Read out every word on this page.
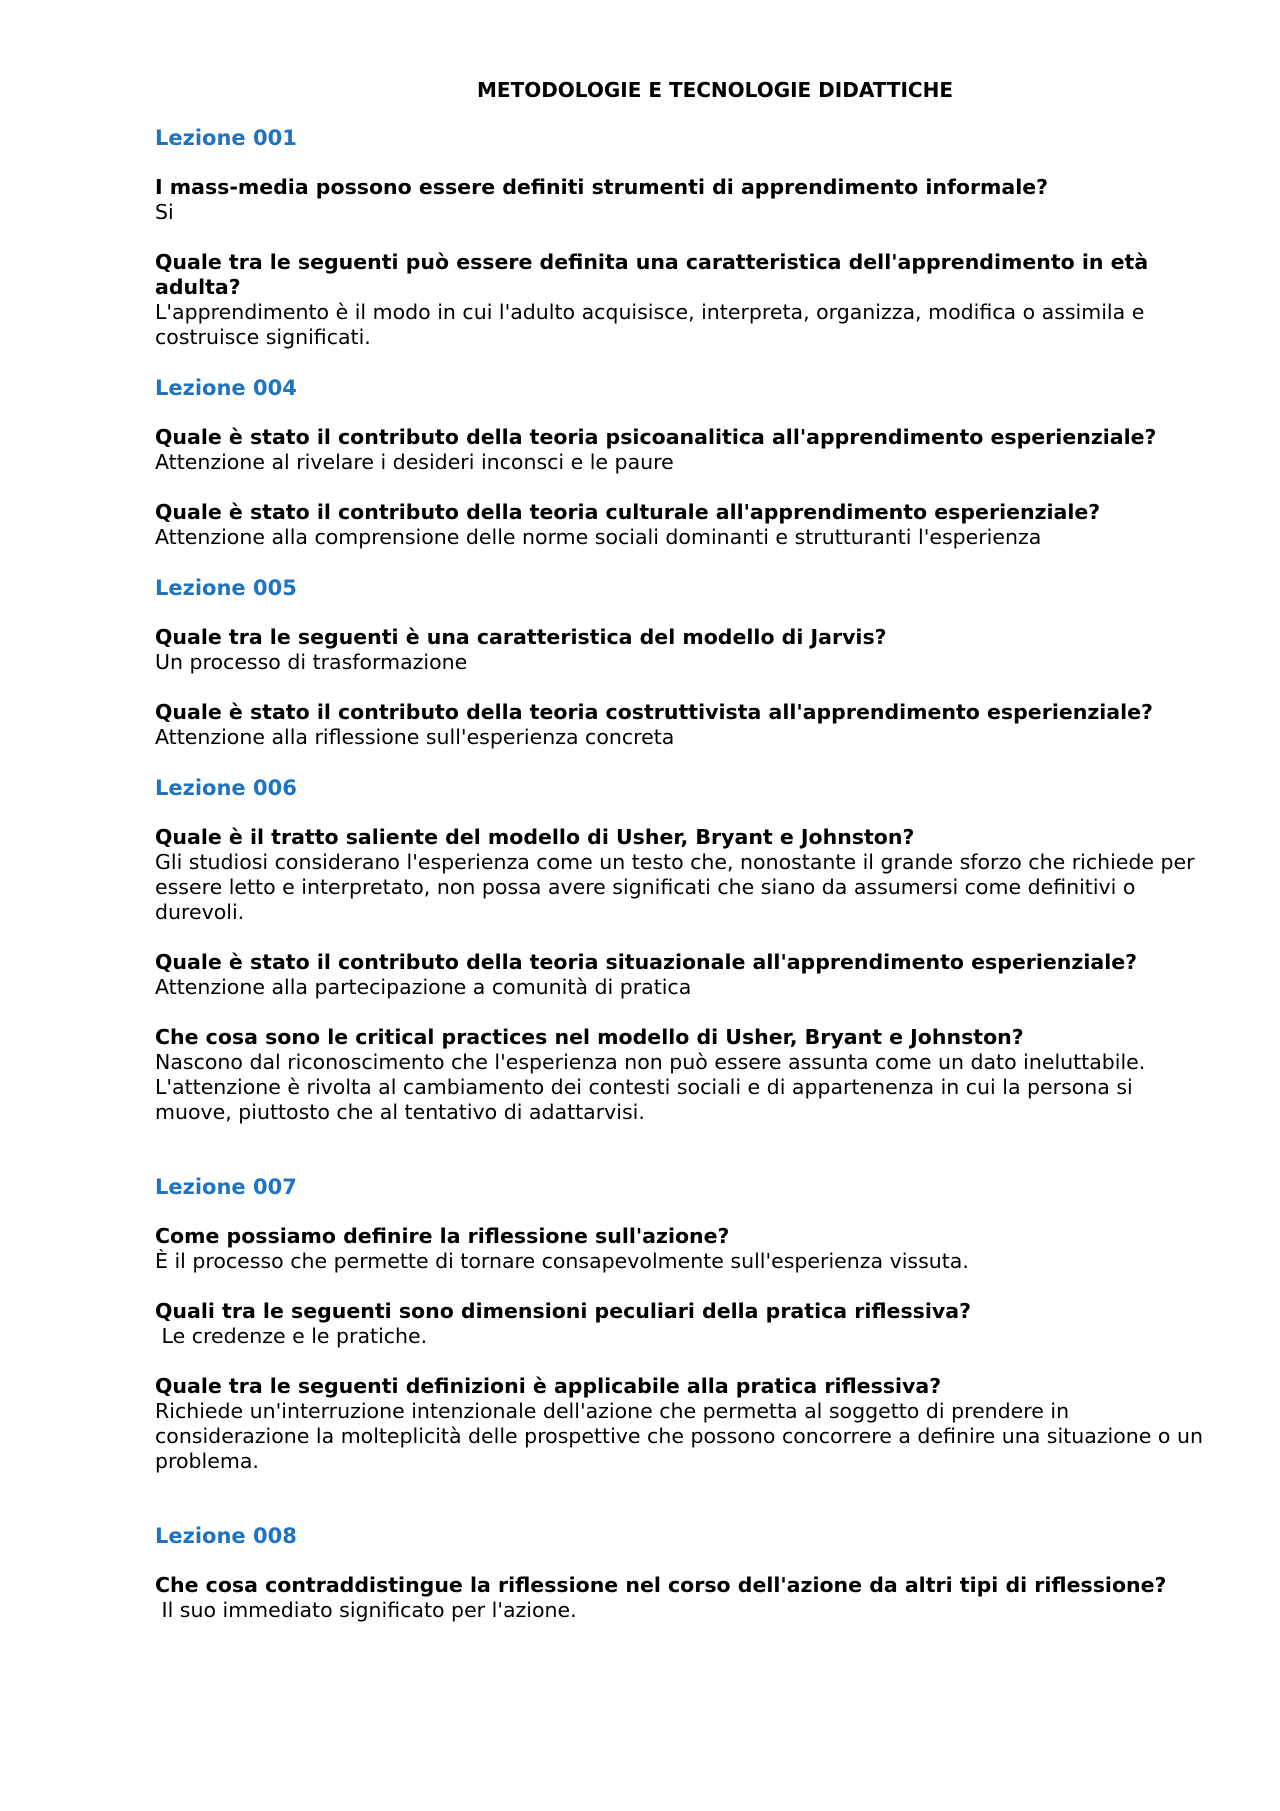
METODOLOGIE E TECNOLOGIE DIDATTICHE
Lezione 001

I mass-media possono essere definiti strumenti di apprendimento informale?

Si

Quale tra le seguenti può essere definita una caratteristica dell'apprendimento in età adulta?

L'apprendimento è il modo in cui l'adulto acquisisce, interpreta, organizza, modifica o assimila e costruisce significati.

Lezione 004

Quale è stato il contributo della teoria psicoanalitica all'apprendimento esperienziale?

Attenzione al rivelare i desideri inconsci e le paure

Quale è stato il contributo della teoria culturale all'apprendimento esperienziale?

Attenzione alla comprensione delle norme sociali dominanti e strutturanti l'esperienza

Lezione 005

Quale tra le seguenti è una caratteristica del modello di Jarvis?

Un processo di trasformazione

Quale è stato il contributo della teoria costruttivista all'apprendimento esperienziale?

Attenzione alla riflessione sull'esperienza concreta

Lezione 006

Quale è il tratto saliente del modello di Usher, Bryant e Johnston?

Gli studiosi considerano l'esperienza come un testo che, nonostante il grande sforzo che richiede per essere letto e interpretato, non possa avere significati che siano da assumersi come definitivi o durevoli.

Quale è stato il contributo della teoria situazionale all'apprendimento esperienziale?

Attenzione alla partecipazione a comunità di pratica

Che cosa sono le critical practices nel modello di Usher, Bryant e Johnston?

Nascono dal riconoscimento che l'esperienza non può essere assunta come un dato ineluttabile. L'attenzione è rivolta al cambiamento dei contesti sociali e di appartenenza in cui la persona si muove, piuttosto che al tentativo di adattarvisi.

Lezione 007

Come possiamo definire la riflessione sull'azione?

È il processo che permette di tornare consapevolmente sull'esperienza vissuta.

Quali tra le seguenti sono dimensioni peculiari della pratica riflessiva?

Le credenze e le pratiche.

Quale tra le seguenti definizioni è applicabile alla pratica riflessiva?

Richiede un'interruzione intenzionale dell'azione che permetta al soggetto di prendere in considerazione la molteplicità delle prospettive che possono concorrere a definire una situazione o un problema.

Lezione 008

Che cosa contraddistingue la riflessione nel corso dell'azione da altri tipi di riflessione?

Il suo immediato significato per l'azione.
